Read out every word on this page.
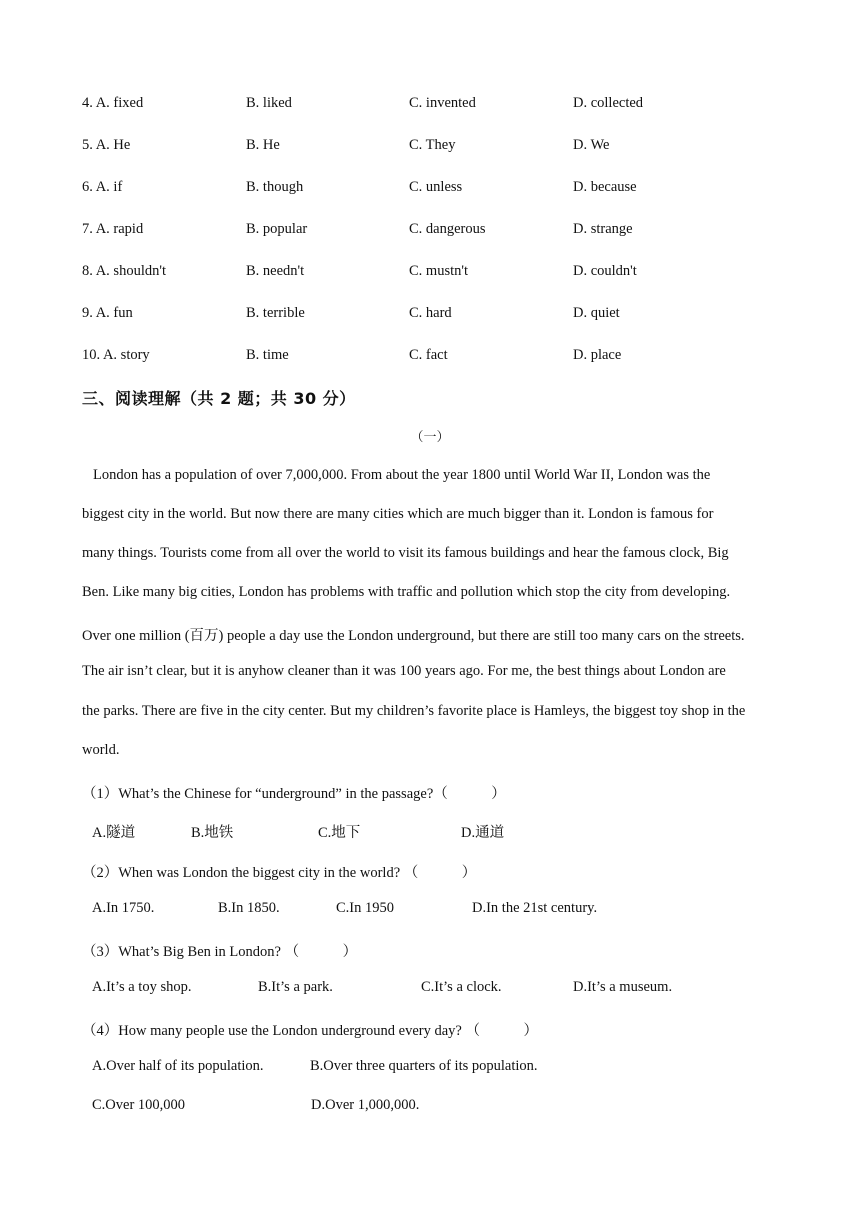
4. A. fixed	B. liked	C. invented	D. collected
5. A. He	B. He	C. They	D. We
6. A. if	B. though	C. unless	D. because
7. A. rapid	B. popular	C. dangerous	D. strange
8. A. shouldn't	B. needn't	C. mustn't	D. couldn't
9. A. fun	B. terrible	C. hard	D. quiet
10. A. story	B. time	C. fact	D. place
三、阅读理解（共 2 题；共 30 分）
（一）
London has a population of over 7,000,000. From about the year 1800 until World War II, London was the
biggest city in the world. But now there are many cities which are much bigger than it. London is famous for
many things. Tourists come from all over the world to visit its famous buildings and hear the famous clock, Big
Ben. Like many big cities, London has problems with traffic and pollution which stop the city from developing.
Over one million (百万) people a day use the London underground, but there are still too many cars on the streets.
The air isn’t clear, but it is anyhow cleaner than it was 100 years ago. For me, the best things about London are
the parks. There are five in the city center. But my children’s favorite place is Hamleys, the biggest toy shop in the
world.
（1）What’s the Chinese for “underground” in the passage?（　　　）
A.隧道	B.地铁	C.地下	D.通道
（2）When was London the biggest city in the world? （　　　）
A.In 1750.	B.In 1850.	C.In 1950	D.In the 21st century.
（3）What’s Big Ben in London? （　　　）
A.It’s a toy shop.	B.It’s a park.	C.It’s a clock.	D.It’s a museum.
（4）How many people use the London underground every day? （　　　）
A.Over half of its population.	B.Over three quarters of its population.
C.Over 100,000	D.Over 1,000,000.
